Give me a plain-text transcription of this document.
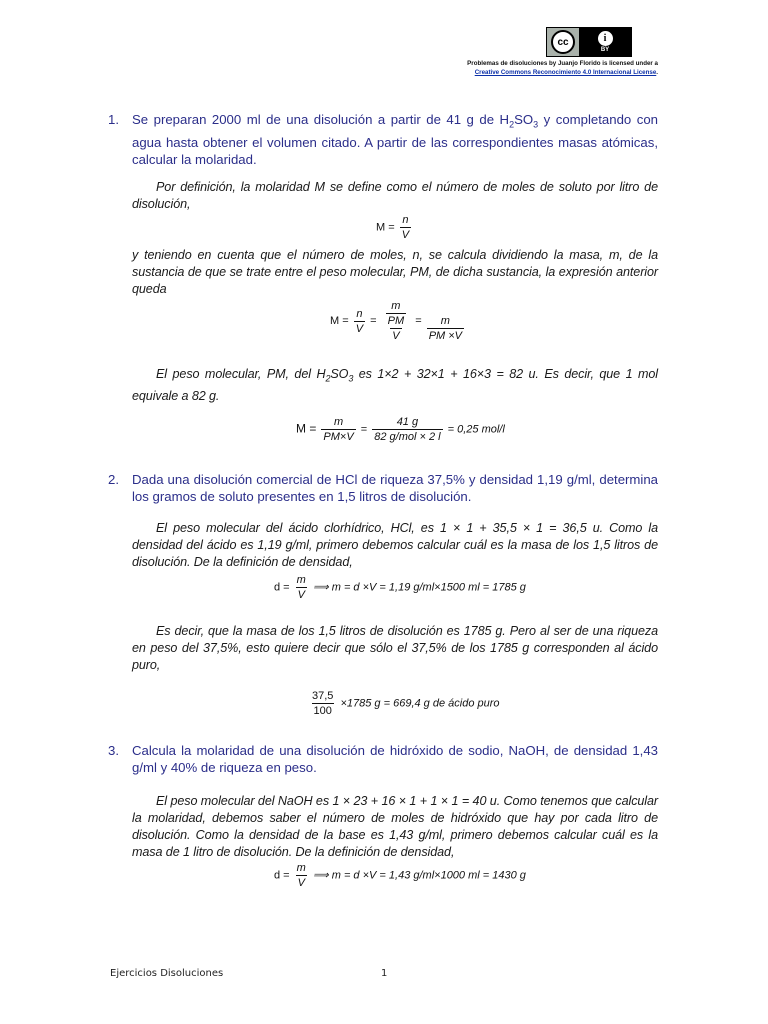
cc	i
BY
Problemas de disoluciones by Juanjo Florido is licensed under a
Creative Commons Reconocimiento 4.0 Internacional License.
1. Se preparan 2000 ml de una disolución a partir de 41 g de $H_2SO_3$ y completando con agua hasta obtener el volumen citado. A partir de las correspondientes masas atómicas, calcular la molaridad.
Por definición, la molaridad M se define como el número de moles de soluto por litro de disolución,
$M = \frac{n}{V}$
y teniendo en cuenta que el número de moles, n, se calcula dividiendo la masa, m, de la sustancia de que se trate entre el peso molecular, PM, de dicha sustancia, la expresión anterior queda
$M = \frac{n}{V} = \frac{\frac{m}{PM}}{V} = \frac{m}{PM \times V}$
El peso molecular, PM, del $H_2SO_3$ es 1×2 + 32×1 + 16×3 = 82 u. Es decir, que 1 mol equivale a 82 g.
$M = \frac{m}{PM\times V} = \frac{41 g}{\text{82 g/mol × 2 l}} = 0,25$ mol/l
2. Dada una disolución comercial de HCl de riqueza 37,5% y densidad 1,19 g/ml, determina los gramos de soluto presentes en 1,5 litros de disolución.
El peso molecular del ácido clorhídrico, HCl, es 1 × 1 + 35,5 × 1 = 36,5 u. Como la densidad del ácido es 1,19 g/ml, primero debemos calcular cuál es la masa de los 1,5 litros de disolución. De la definición de densidad,
$d = \frac{m}{V}$ ⟹ m = d ×V = 1,19 g/ml×1500 ml = 1785 g
Es decir, que la masa de los 1,5 litros de disolución es 1785 g. Pero al ser de una riqueza en peso del 37,5%, esto quiere decir que sólo el 37,5% de los 1785 g corresponden al ácido puro,
$\frac{37,5}{100} \times 1785$ g = 669,4 g de ácido puro
3. Calcula la molaridad de una disolución de hidróxido de sodio, NaOH, de densidad 1,43 g/ml y 40% de riqueza en peso.
El peso molecular del NaOH es 1 × 23 + 16 × 1 + 1 × 1 = 40 u. Como tenemos que calcular la molaridad, debemos saber el número de moles de hidróxido que hay por cada litro de disolución. Como la densidad de la base es 1,43 g/ml, primero debemos calcular cuál es la masa de 1 litro de disolución. De la definición de densidad,
$d = \frac{m}{V}$ ⟹ m = d ×V = 1,43 g/ml×1000 ml = 1430 g
Ejercicios Disoluciones	1
